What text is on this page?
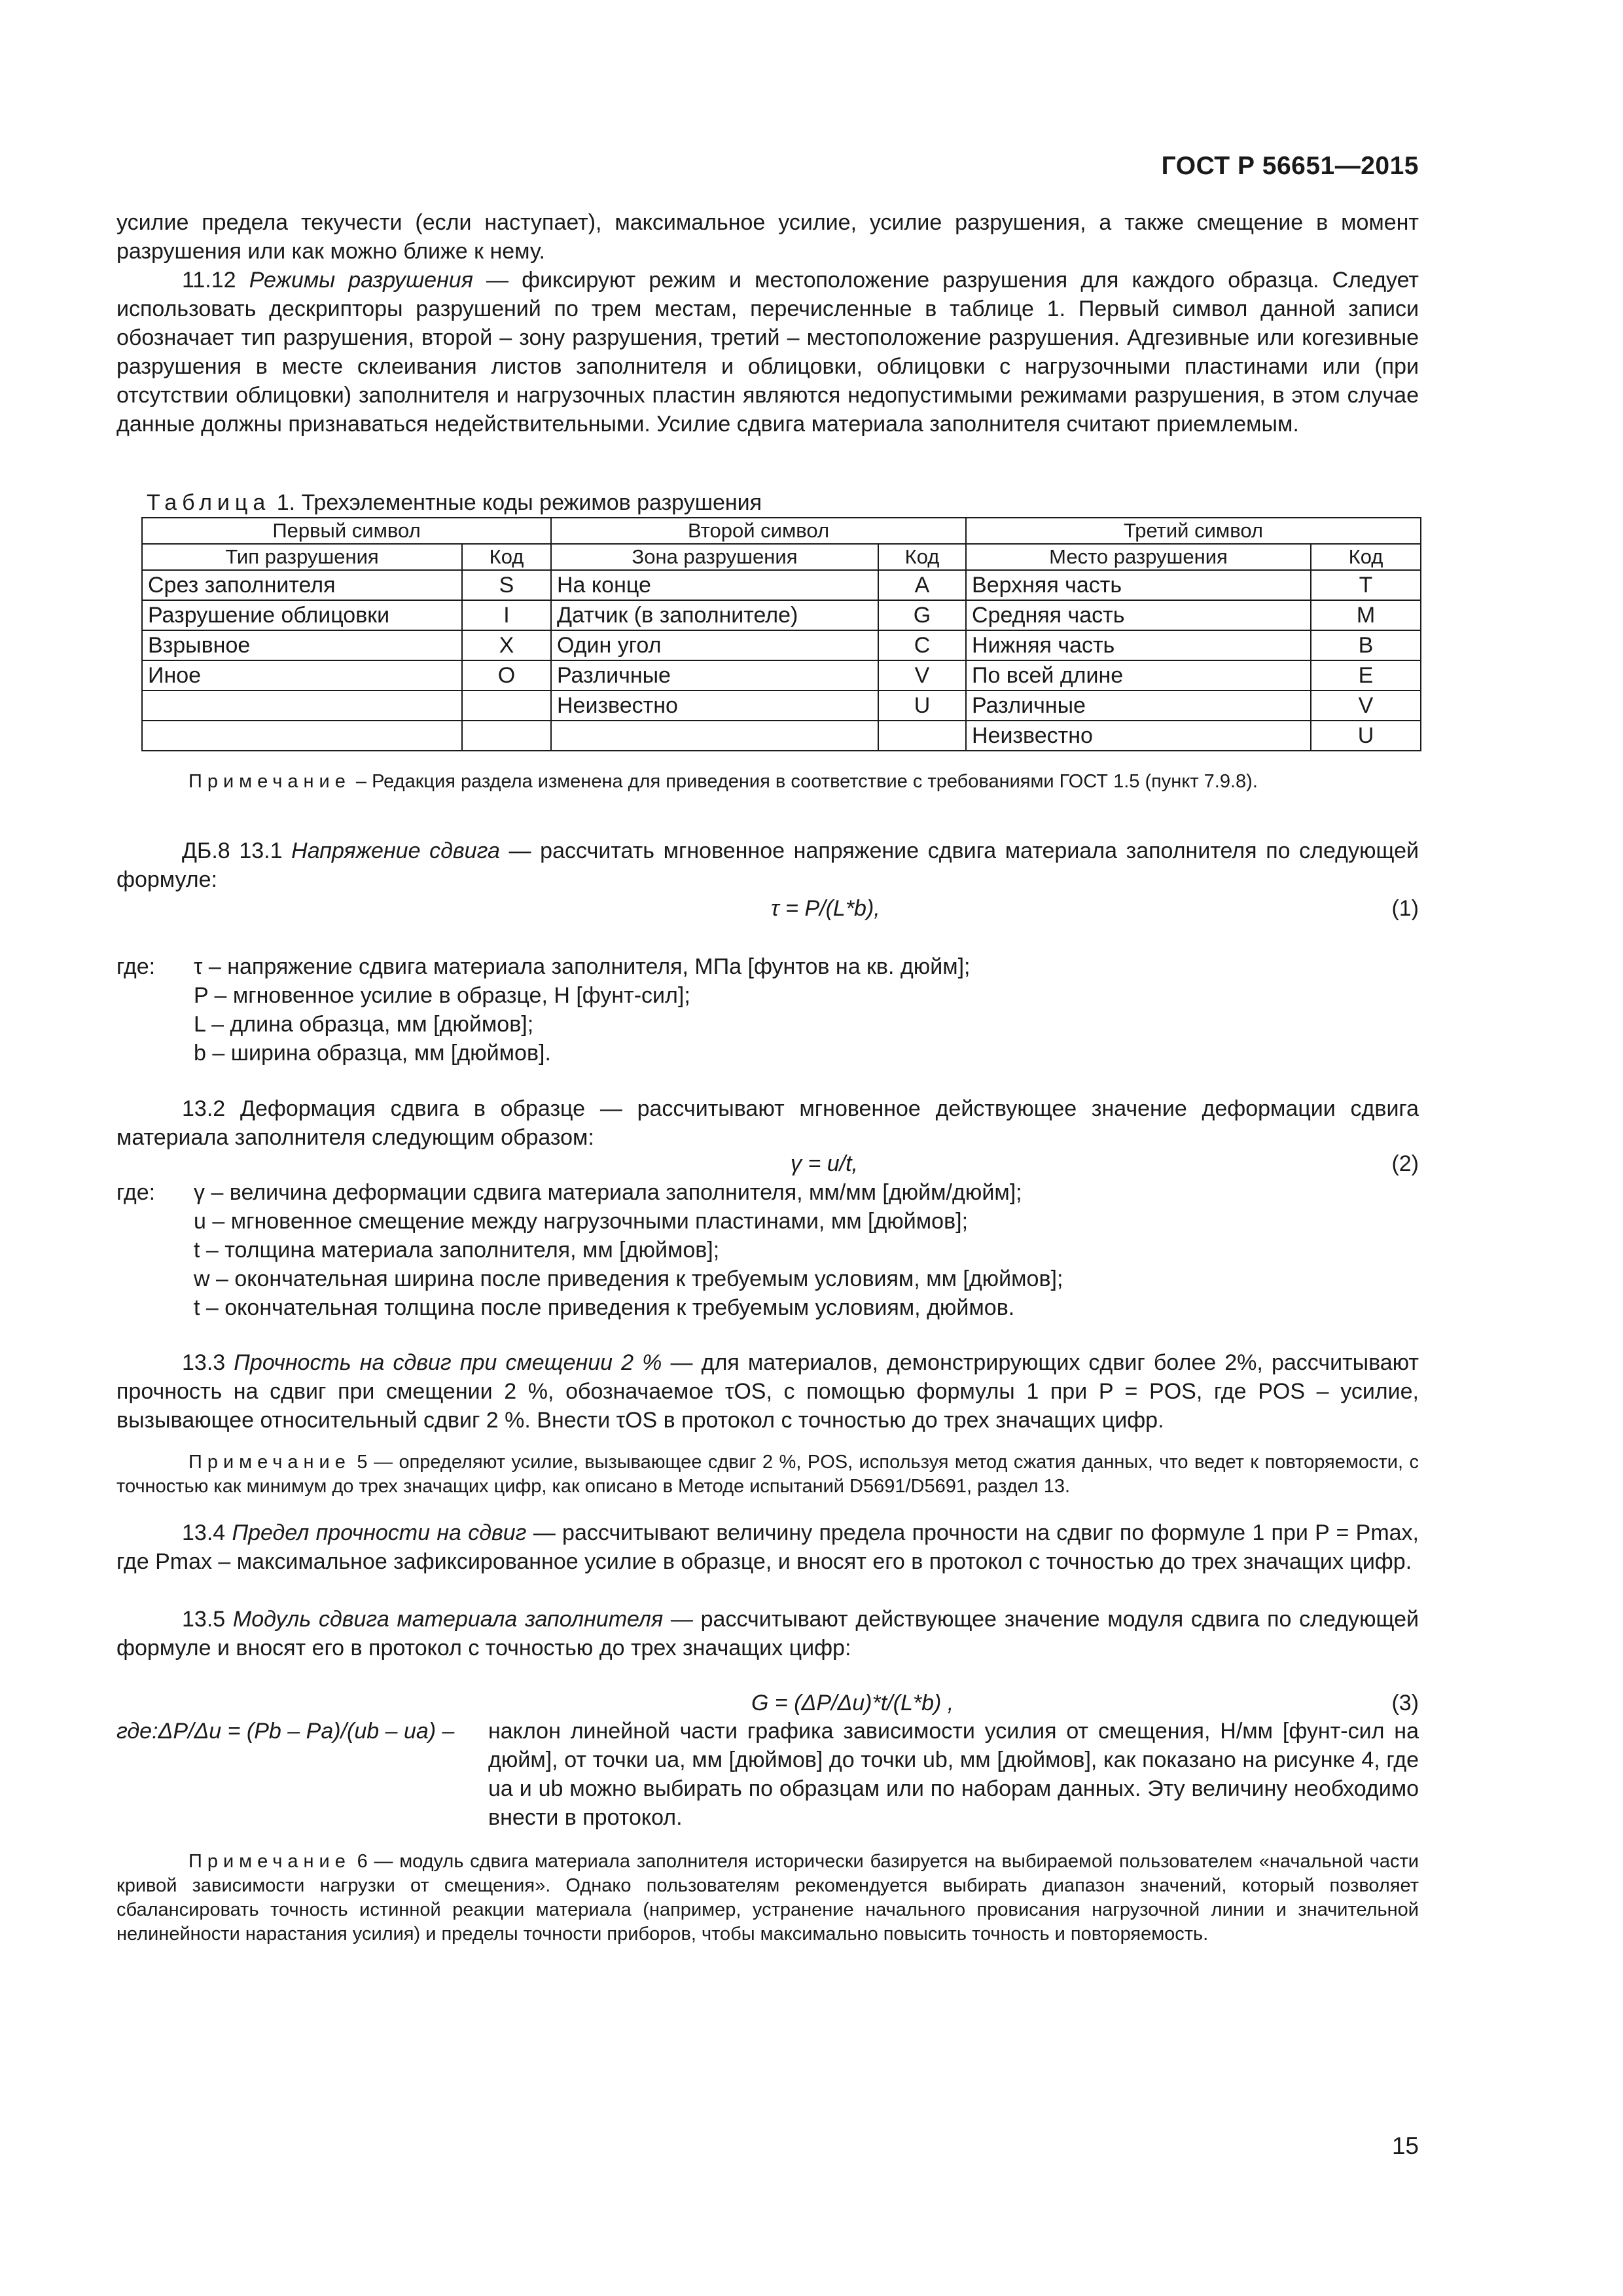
ГОСТ Р 56651—2015

усилие предела текучести (если наступает), максимальное усилие, усилие разрушения, а также смещение в момент разрушения или как можно ближе к нему.

11.12 Режимы разрушения — фиксируют режим и местоположение разрушения для каждого образца. Следует использовать дескрипторы разрушений по трем местам, перечисленные в таблице 1. Первый символ данной записи обозначает тип разрушения, второй – зону разрушения, третий – местоположение разрушения. Адгезивные или когезивные разрушения в месте склеивания листов заполнителя и облицовки, облицовки с нагрузочными пластинами или (при отсутствии облицовки) заполнителя и нагрузочных пластин являются недопустимыми режимами разрушения, в этом случае данные должны признаваться недействительными. Усилие сдвига материала заполнителя считают приемлемым.

Таблица 1. Трехэлементные коды режимов разрушения
Первый символ		Второй символ		Третий символ	
Тип разрушения	Код	Зона разрушения	Код	Место разрушения	Код
Срез заполнителя	S	На конце	A	Верхняя часть	T
Разрушение облицовки	I	Датчик (в заполнителе)	G	Средняя часть	M
Взрывное	X	Один угол	C	Нижняя часть	B
Иное	O	Различные	V	По всей длине	E
		Неизвестно	U	Различные	V
				Неизвестно	U

Примечание – Редакция раздела изменена для приведения в соответствие с требованиями ГОСТ 1.5 (пункт 7.9.8).

ДБ.8 13.1 Напряжение сдвига — рассчитать мгновенное напряжение сдвига материала заполнителя по следующей формуле:

τ = P/(L*b),	(1)
где: τ – напряжение сдвига материала заполнителя, МПа [фунтов на кв. дюйм];
P – мгновенное усилие в образце, Н [фунт-сил];
L – длина образца, мм [дюймов];
b – ширина образца, мм [дюймов].

13.2 Деформация сдвига в образце — рассчитывают мгновенное действующее значение деформации сдвига материала заполнителя следующим образом:

γ = u/t,	(2)
где: γ – величина деформации сдвига материала заполнителя, мм/мм [дюйм/дюйм];
u – мгновенное смещение между нагрузочными пластинами, мм [дюймов];
t – толщина материала заполнителя, мм [дюймов];
w – окончательная ширина после приведения к требуемым условиям, мм [дюймов];
t – окончательная толщина после приведения к требуемым условиям, дюймов.

13.3 Прочность на сдвиг при смещении 2 % — для материалов, демонстрирующих сдвиг более 2%, рассчитывают прочность на сдвиг при смещении 2 %, обозначаемое τOS, с помощью формулы 1 при P = POS, где POS – усилие, вызывающее относительный сдвиг 2 %. Внести τOS в протокол с точностью до трех значащих цифр.

Примечание 5 — определяют усилие, вызывающее сдвиг 2 %, POS, используя метод сжатия данных, что ведет к повторяемости, с точностью как минимум до трех значащих цифр, как описано в Методе испытаний D5691/D5691, раздел 13.

13.4 Предел прочности на сдвиг — рассчитывают величину предела прочности на сдвиг по формуле 1 при P = Pmax, где Pmax – максимальное зафиксированное усилие в образце, и вносят его в протокол с точностью до трех значащих цифр.

13.5 Модуль сдвига материала заполнителя — рассчитывают действующее значение модуля сдвига по следующей формуле и вносят его в протокол с точностью до трех значащих цифр:

G = (ΔP/Δu)*t/(L*b) ,	(3)
где:ΔP/Δu = (Pb – Pa)/(ub – ua) – наклон линейной части графика зависимости усилия от смещения, Н/мм [фунт-сил на дюйм], от точки ua, мм [дюймов] до точки ub, мм [дюймов], как показано на рисунке 4, где ua и ub можно выбирать по образцам или по наборам данных. Эту величину необходимо внести в протокол.

Примечание 6 — модуль сдвига материала заполнителя исторически базируется на выбираемой пользователем «начальной части кривой зависимости нагрузки от смещения». Однако пользователям рекомендуется выбирать диапазон значений, который позволяет сбалансировать точность истинной реакции материала (например, устранение начального провисания нагрузочной линии и значительной нелинейности нарастания усилия) и пределы точности приборов, чтобы максимально повысить точность и повторяемость.

15
